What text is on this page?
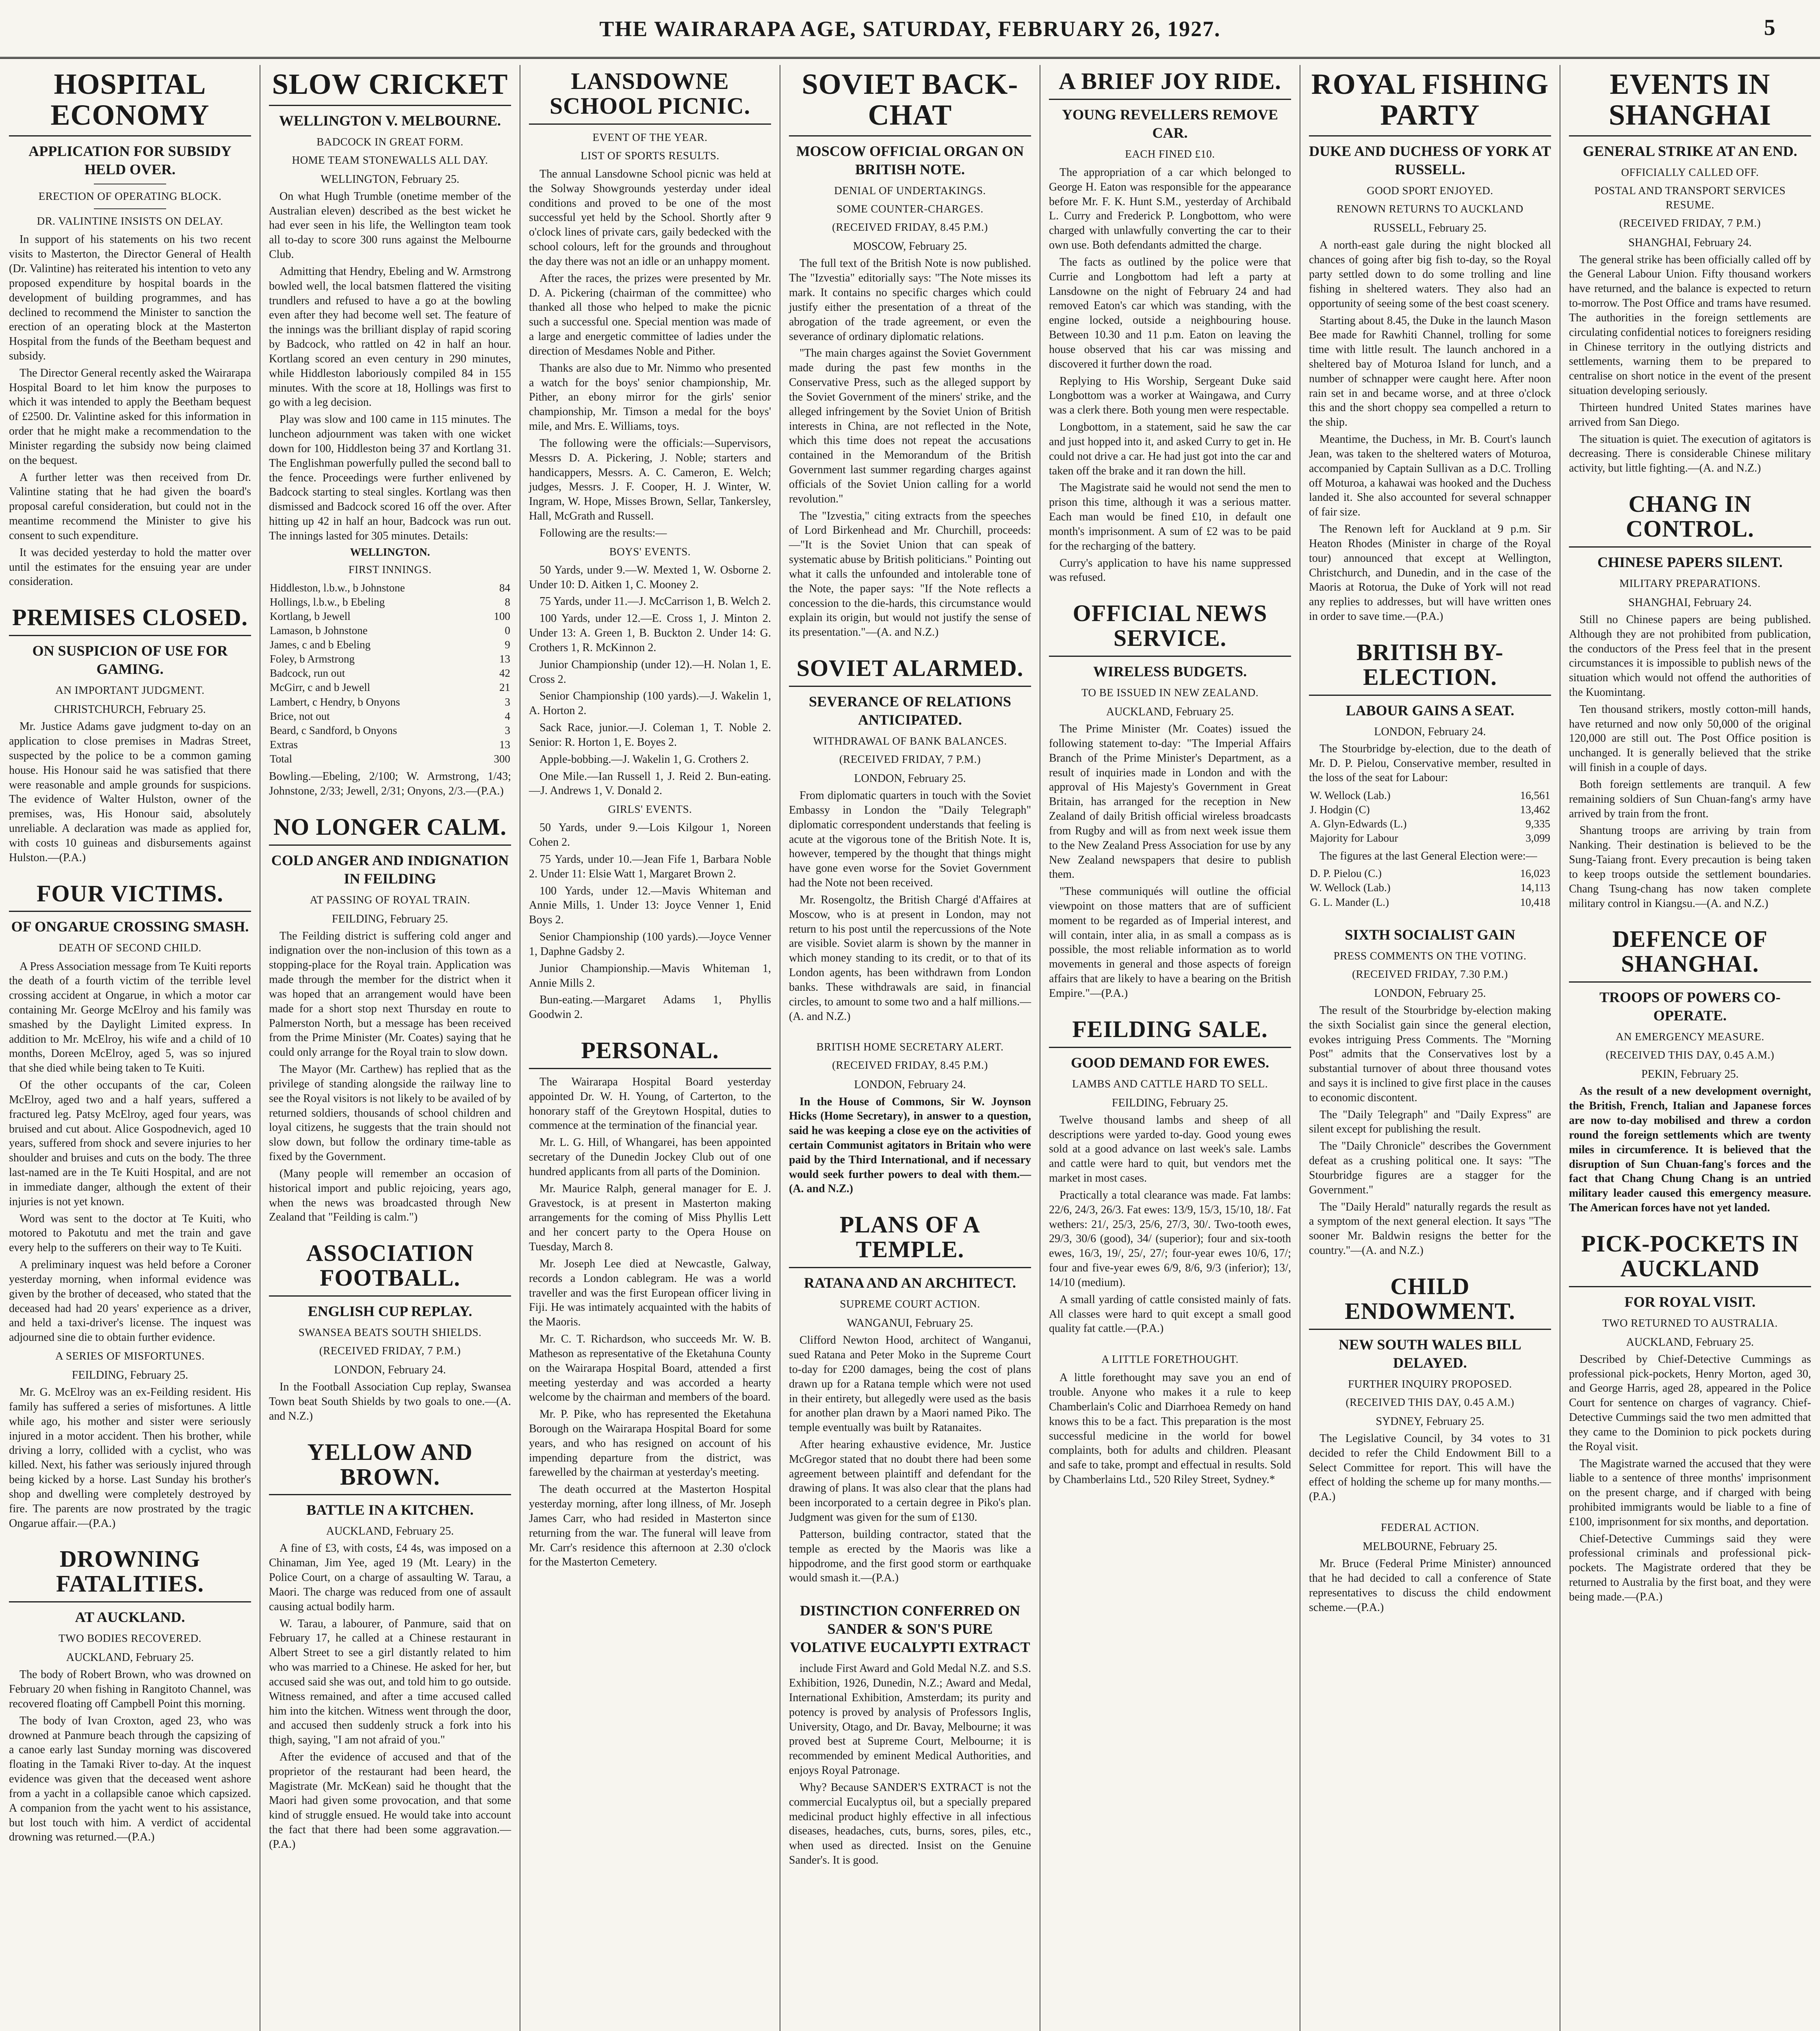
THE WAIRARAPA AGE, SATURDAY, FEBRUARY 26, 1927.	5
HOSPITAL ECONOMY
APPLICATION FOR SUBSIDY HELD OVER.
ERECTION OF OPERATING BLOCK.
DR. VALINTINE INSISTS ON DELAY.

In support of his statements on his two recent visits to Masterton, the Director General of Health (Dr. Valintine) has reiterated his intention to veto any proposed expenditure by hospital boards in the development of building programmes, and has declined to recommend the Minister to sanction the erection of an operating block at the Masterton Hospital from the funds of the Beetham bequest and subsidy.

The Director General recently asked the Wairarapa Hospital Board to let him know the purposes to which it was intended to apply the Beetham bequest of £2500. Dr. Valintine asked for this information in order that he might make a recommendation to the Minister regarding the subsidy now being claimed on the bequest.

A further letter was then received from Dr. Valintine stating that he had given the board's proposal careful consideration, but could not in the meantime recommend the Minister to give his consent to such expenditure.

It was decided yesterday to hold the matter over until the estimates for the ensuing year are under consideration.

PREMISES CLOSED.
ON SUSPICION OF USE FOR GAMING.
AN IMPORTANT JUDGMENT.
CHRISTCHURCH, February 25.

Mr. Justice Adams gave judgment to-day on an application to close premises in Madras Street, suspected by the police to be a common gaming house. His Honour said he was satisfied that there were reasonable and ample grounds for suspicions. The evidence of Walter Hulston, owner of the premises, was, His Honour said, absolutely unreliable. A declaration was made as applied for, with costs 10 guineas and disbursements against Hulston.—(P.A.)

FOUR VICTIMS.
OF ONGARUE CROSSING SMASH.
DEATH OF SECOND CHILD.

A Press Association message from Te Kuiti reports the death of a fourth victim of the terrible level crossing accident at Ongarue, in which a motor car containing Mr. George McElroy and his family was smashed by the Daylight Limited express. In addition to Mr. McElroy, his wife and a child of 10 months, Doreen McElroy, aged 5, was so injured that she died while being taken to Te Kuiti.

Of the other occupants of the car, Coleen McElroy, aged two and a half years, suffered a fractured leg. Patsy McElroy, aged four years, was bruised and cut about. Alice Gospodnevich, aged 10 years, suffered from shock and severe injuries to her shoulder and bruises and cuts on the body. The three last-named are in the Te Kuiti Hospital, and are not in immediate danger, although the extent of their injuries is not yet known.

Word was sent to the doctor at Te Kuiti, who motored to Pakotutu and met the train and gave every help to the sufferers on their way to Te Kuiti.

A preliminary inquest was held before a Coroner yesterday morning, when informal evidence was given by the brother of deceased, who stated that the deceased had had 20 years' experience as a driver, and held a taxi-driver's license. The inquest was adjourned sine die to obtain further evidence.

A SERIES OF MISFORTUNES.
FEILDING, February 25.

Mr. G. McElroy was an ex-Feilding resident. His family has suffered a series of misfortunes. A little while ago, his mother and sister were seriously injured in a motor accident. Then his brother, while driving a lorry, collided with a cyclist, who was killed. Next, his father was seriously injured through being kicked by a horse. Last Sunday his brother's shop and dwelling were completely destroyed by fire. The parents are now prostrated by the tragic Ongarue affair.—(P.A.)

DROWNING FATALITIES.
AT AUCKLAND.
TWO BODIES RECOVERED.
AUCKLAND, February 25.

The body of Robert Brown, who was drowned on February 20 when fishing in Rangitoto Channel, was recovered floating off Campbell Point this morning.

The body of Ivan Croxton, aged 23, who was drowned at Panmure beach through the capsizing of a canoe early last Sunday morning was discovered floating in the Tamaki River to-day. At the inquest evidence was given that the deceased went ashore from a yacht in a collapsible canoe which capsized. A companion from the yacht went to his assistance, but lost touch with him. A verdict of accidental drowning was returned.—(P.A.)

SLOW CRICKET
WELLINGTON V. MELBOURNE.
BADCOCK IN GREAT FORM.
HOME TEAM STONEWALLS ALL DAY.
WELLINGTON, February 25.

On what Hugh Trumble (onetime member of the Australian eleven) described as the best wicket he had ever seen in his life, the Wellington team took all to-day to score 300 runs against the Melbourne Club.

Admitting that Hendry, Ebeling and W. Armstrong bowled well, the local batsmen flattered the visiting trundlers and refused to have a go at the bowling even after they had become well set. The feature of the innings was the brilliant display of rapid scoring by Badcock, who rattled on 42 in half an hour. Kortlang scored an even century in 290 minutes, while Hiddleston laboriously compiled 84 in 155 minutes. With the score at 18, Hollings was first to go with a leg decision.

Play was slow and 100 came in 115 minutes. The luncheon adjournment was taken with one wicket down for 100, Hiddleston being 37 and Kortlang 31. The Englishman powerfully pulled the second ball to the fence. Proceedings were further enlivened by Badcock starting to steal singles. Kortlang was then dismissed and Badcock scored 16 off the over. After hitting up 42 in half an hour, Badcock was run out. The innings lasted for 305 minutes. Details:

WELLINGTON.
FIRST INNINGS.
Hiddleston, l.b.w., b Johnstone	84
Hollings, l.b.w., b Ebeling	8
Kortlang, b Jewell	100
Lamason, b Johnstone	0
James, c and b Ebeling	9
Foley, b Armstrong	13
Badcock, run out	42
McGirr, c and b Jewell	21
Lambert, c Hendry, b Onyons	3
Brice, not out	4
Beard, c Sandford, b Onyons	3
Extras	13
Total	300

Bowling.—Ebeling, 2/100; W. Armstrong, 1/43; Johnstone, 2/33; Jewell, 2/31; Onyons, 2/3.—(P.A.)

NO LONGER CALM.
COLD ANGER AND INDIGNATION IN FEILDING
AT PASSING OF ROYAL TRAIN.
FEILDING, February 25.

The Feilding district is suffering cold anger and indignation over the non-inclusion of this town as a stopping-place for the Royal train. Application was made through the member for the district when it was hoped that an arrangement would have been made for a short stop next Thursday en route to Palmerston North, but a message has been received from the Prime Minister (Mr. Coates) saying that he could only arrange for the Royal train to slow down.

The Mayor (Mr. Carthew) has replied that as the privilege of standing alongside the railway line to see the Royal visitors is not likely to be availed of by returned soldiers, thousands of school children and loyal citizens, he suggests that the train should not slow down, but follow the ordinary time-table as fixed by the Government.

(Many people will remember an occasion of historical import and public rejoicing, years ago, when the news was broadcasted through New Zealand that "Feilding is calm.")

ASSOCIATION FOOTBALL.
ENGLISH CUP REPLAY.
SWANSEA BEATS SOUTH SHIELDS.
(RECEIVED FRIDAY, 7 P.M.)
LONDON, February 24.

In the Football Association Cup replay, Swansea Town beat South Shields by two goals to one.—(A. and N.Z.)

YELLOW AND BROWN.
BATTLE IN A KITCHEN.
AUCKLAND, February 25.

A fine of £3, with costs, £4 4s, was imposed on a Chinaman, Jim Yee, aged 19 (Mt. Leary) in the Police Court, on a charge of assaulting W. Tarau, a Maori. The charge was reduced from one of assault causing actual bodily harm.

W. Tarau, a labourer, of Panmure, said that on February 17, he called at a Chinese restaurant in Albert Street to see a girl distantly related to him who was married to a Chinese. He asked for her, but accused said she was out, and told him to go outside. Witness remained, and after a time accused called him into the kitchen. Witness went through the door, and accused then suddenly struck a fork into his thigh, saying, "I am not afraid of you."

After the evidence of accused and that of the proprietor of the restaurant had been heard, the Magistrate (Mr. McKean) said he thought that the Maori had given some provocation, and that some kind of struggle ensued. He would take into account the fact that there had been some aggravation.—(P.A.)

LANSDOWNE SCHOOL PICNIC.
EVENT OF THE YEAR.
LIST OF SPORTS RESULTS.

The annual Lansdowne School picnic was held at the Solway Showgrounds yesterday under ideal conditions and proved to be one of the most successful yet held by the School. Shortly after 9 o'clock lines of private cars, gaily bedecked with the school colours, left for the grounds and throughout the day there was not an idle or an unhappy moment.

After the races, the prizes were presented by Mr. D. A. Pickering (chairman of the committee) who thanked all those who helped to make the picnic such a successful one. Special mention was made of a large and energetic committee of ladies under the direction of Mesdames Noble and Pither.

Thanks are also due to Mr. Nimmo who presented a watch for the boys' senior championship, Mr. Pither, an ebony mirror for the girls' senior championship, Mr. Timson a medal for the boys' mile, and Mrs. E. Williams, toys.

The following were the officials:—Supervisors, Messrs D. A. Pickering, J. Noble; starters and handicappers, Messrs. A. C. Cameron, E. Welch; judges, Messrs. J. F. Cooper, H. J. Winter, W. Ingram, W. Hope, Misses Brown, Sellar, Tankersley, Hall, McGrath and Russell.

Following are the results:—

BOYS' EVENTS.

50 Yards, under 9.—W. Mexted 1, W. Osborne 2. Under 10: D. Aitken 1, C. Mooney 2.

75 Yards, under 11.—J. McCarrison 1, B. Welch 2.

100 Yards, under 12.—E. Cross 1, J. Minton 2. Under 13: A. Green 1, B. Buckton 2. Under 14: G. Crothers 1, R. McKinnon 2.

Junior Championship (under 12).—H. Nolan 1, E. Cross 2.

Senior Championship (100 yards).—J. Wakelin 1, A. Horton 2.

Sack Race, junior.—J. Coleman 1, T. Noble 2. Senior: R. Horton 1, E. Boyes 2.

Apple-bobbing.—J. Wakelin 1, G. Crothers 2.

One Mile.—Ian Russell 1, J. Reid 2. Bun-eating.—J. Andrews 1, V. Donald 2.

GIRLS' EVENTS.

50 Yards, under 9.—Lois Kilgour 1, Noreen Cohen 2.

75 Yards, under 10.—Jean Fife 1, Barbara Noble 2. Under 11: Elsie Watt 1, Margaret Brown 2.

100 Yards, under 12.—Mavis Whiteman and Annie Mills, 1. Under 13: Joyce Venner 1, Enid Boys 2.

Senior Championship (100 yards).—Joyce Venner 1, Daphne Gadsby 2.

Junior Championship.—Mavis Whiteman 1, Annie Mills 2.

Bun-eating.—Margaret Adams 1, Phyllis Goodwin 2.

PERSONAL.

The Wairarapa Hospital Board yesterday appointed Dr. W. H. Young, of Carterton, to the honorary staff of the Greytown Hospital, duties to commence at the termination of the financial year.

Mr. L. G. Hill, of Whangarei, has been appointed secretary of the Dunedin Jockey Club out of one hundred applicants from all parts of the Dominion.

Mr. Maurice Ralph, general manager for E. J. Gravestock, is at present in Masterton making arrangements for the coming of Miss Phyllis Lett and her concert party to the Opera House on Tuesday, March 8.

Mr. Joseph Lee died at Newcastle, Galway, records a London cablegram. He was a world traveller and was the first European officer living in Fiji. He was intimately acquainted with the habits of the Maoris.

Mr. C. T. Richardson, who succeeds Mr. W. B. Matheson as representative of the Eketahuna County on the Wairarapa Hospital Board, attended a first meeting yesterday and was accorded a hearty welcome by the chairman and members of the board.

Mr. P. Pike, who has represented the Eketahuna Borough on the Wairarapa Hospital Board for some years, and who has resigned on account of his impending departure from the district, was farewelled by the chairman at yesterday's meeting.

The death occurred at the Masterton Hospital yesterday morning, after long illness, of Mr. Joseph James Carr, who had resided in Masterton since returning from the war. The funeral will leave from Mr. Carr's residence this afternoon at 2.30 o'clock for the Masterton Cemetery.

SOVIET BACK-CHAT
MOSCOW OFFICIAL ORGAN ON BRITISH NOTE.
DENIAL OF UNDERTAKINGS.
SOME COUNTER-CHARGES.
(RECEIVED FRIDAY, 8.45 P.M.)
MOSCOW, February 25.

The full text of the British Note is now published. The "Izvestia" editorially says: "The Note misses its mark. It contains no specific charges which could justify either the presentation of a threat of the abrogation of the trade agreement, or even the severance of ordinary diplomatic relations.

"The main charges against the Soviet Government made during the past few months in the Conservative Press, such as the alleged support by the Soviet Government of the miners' strike, and the alleged infringement by the Soviet Union of British interests in China, are not reflected in the Note, which this time does not repeat the accusations contained in the Memorandum of the British Government last summer regarding charges against officials of the Soviet Union calling for a world revolution."

The "Izvestia," citing extracts from the speeches of Lord Birkenhead and Mr. Churchill, proceeds:—"It is the Soviet Union that can speak of systematic abuse by British politicians." Pointing out what it calls the unfounded and intolerable tone of the Note, the paper says: "If the Note reflects a concession to the die-hards, this circumstance would explain its origin, but would not justify the sense of its presentation."—(A. and N.Z.)

SOVIET ALARMED.
SEVERANCE OF RELATIONS ANTICIPATED.
WITHDRAWAL OF BANK BALANCES.
(RECEIVED FRIDAY, 7 P.M.)
LONDON, February 25.

From diplomatic quarters in touch with the Soviet Embassy in London the "Daily Telegraph" diplomatic correspondent understands that feeling is acute at the vigorous tone of the British Note. It is, however, tempered by the thought that things might have gone even worse for the Soviet Government had the Note not been received.

Mr. Rosengoltz, the British Chargé d'Affaires at Moscow, who is at present in London, may not return to his post until the repercussions of the Note are visible. Soviet alarm is shown by the manner in which money standing to its credit, or to that of its London agents, has been withdrawn from London banks. These withdrawals are said, in financial circles, to amount to some two and a half millions.—(A. and N.Z.)

BRITISH HOME SECRETARY ALERT.
(RECEIVED FRIDAY, 8.45 P.M.)
LONDON, February 24.

In the House of Commons, Sir W. Joynson Hicks (Home Secretary), in answer to a question, said he was keeping a close eye on the activities of certain Communist agitators in Britain who were paid by the Third International, and if necessary would seek further powers to deal with them.—(A. and N.Z.)

PLANS OF A TEMPLE.
RATANA AND AN ARCHITECT.
SUPREME COURT ACTION.
WANGANUI, February 25.

Clifford Newton Hood, architect of Wanganui, sued Ratana and Peter Moko in the Supreme Court to-day for £200 damages, being the cost of plans drawn up for a Ratana temple which were not used in their entirety, but allegedly were used as the basis for another plan drawn by a Maori named Piko. The temple eventually was built by Ratanaites.

After hearing exhaustive evidence, Mr. Justice McGregor stated that no doubt there had been some agreement between plaintiff and defendant for the drawing of plans. It was also clear that the plans had been incorporated to a certain degree in Piko's plan. Judgment was given for the sum of £130.

Patterson, building contractor, stated that the temple as erected by the Maoris was like a hippodrome, and the first good storm or earthquake would smash it.—(P.A.)

DISTINCTION CONFERRED ON SANDER & SON'S PURE VOLATIVE EUCALYPTI EXTRACT

include First Award and Gold Medal N.Z. and S.S. Exhibition, 1926, Dunedin, N.Z.; Award and Medal, International Exhibition, Amsterdam; its purity and potency is proved by analysis of Professors Inglis, University, Otago, and Dr. Bavay, Melbourne; it was proved best at Supreme Court, Melbourne; it is recommended by eminent Medical Authorities, and enjoys Royal Patronage.

Why? Because SANDER'S EXTRACT is not the commercial Eucalyptus oil, but a specially prepared medicinal product highly effective in all infectious diseases, headaches, cuts, burns, sores, piles, etc., when used as directed. Insist on the Genuine Sander's. It is good.

A BRIEF JOY RIDE.
YOUNG REVELLERS REMOVE CAR.
EACH FINED £10.

The appropriation of a car which belonged to George H. Eaton was responsible for the appearance before Mr. F. K. Hunt S.M., yesterday of Archibald L. Curry and Frederick P. Longbottom, who were charged with unlawfully converting the car to their own use. Both defendants admitted the charge.

The facts as outlined by the police were that Currie and Longbottom had left a party at Lansdowne on the night of February 24 and had removed Eaton's car which was standing, with the engine locked, outside a neighbouring house. Between 10.30 and 11 p.m. Eaton on leaving the house observed that his car was missing and discovered it further down the road.

Replying to His Worship, Sergeant Duke said Longbottom was a worker at Waingawa, and Curry was a clerk there. Both young men were respectable.

Longbottom, in a statement, said he saw the car and just hopped into it, and asked Curry to get in. He could not drive a car. He had just got into the car and taken off the brake and it ran down the hill.

The Magistrate said he would not send the men to prison this time, although it was a serious matter. Each man would be fined £10, in default one month's imprisonment. A sum of £2 was to be paid for the recharging of the battery.

Curry's application to have his name suppressed was refused.

OFFICIAL NEWS SERVICE.
WIRELESS BUDGETS.
TO BE ISSUED IN NEW ZEALAND.
AUCKLAND, February 25.

The Prime Minister (Mr. Coates) issued the following statement to-day: "The Imperial Affairs Branch of the Prime Minister's Department, as a result of inquiries made in London and with the approval of His Majesty's Government in Great Britain, has arranged for the reception in New Zealand of daily British official wireless broadcasts from Rugby and will as from next week issue them to the New Zealand Press Association for use by any New Zealand newspapers that desire to publish them.

"These communiqués will outline the official viewpoint on those matters that are of sufficient moment to be regarded as of Imperial interest, and will contain, inter alia, in as small a compass as is possible, the most reliable information as to world movements in general and those aspects of foreign affairs that are likely to have a bearing on the British Empire."—(P.A.)

FEILDING SALE.
GOOD DEMAND FOR EWES.
LAMBS AND CATTLE HARD TO SELL.
FEILDING, February 25.

Twelve thousand lambs and sheep of all descriptions were yarded to-day. Good young ewes sold at a good advance on last week's sale. Lambs and cattle were hard to quit, but vendors met the market in most cases.

Practically a total clearance was made. Fat lambs: 22/6, 24/3, 26/3. Fat ewes: 13/9, 15/3, 15/10, 18/. Fat wethers: 21/, 25/3, 25/6, 27/3, 30/. Two-tooth ewes, 29/3, 30/6 (good), 34/ (superior); four and six-tooth ewes, 16/3, 19/, 25/, 27/; four-year ewes 10/6, 17/; four and five-year ewes 6/9, 8/6, 9/3 (inferior); 13/, 14/10 (medium).

A small yarding of cattle consisted mainly of fats. All classes were hard to quit except a small good quality fat cattle.—(P.A.)

A LITTLE FORETHOUGHT.

A little forethought may save you an end of trouble. Anyone who makes it a rule to keep Chamberlain's Colic and Diarrhoea Remedy on hand knows this to be a fact. This preparation is the most successful medicine in the world for bowel complaints, both for adults and children. Pleasant and safe to take, prompt and effectual in results. Sold by Chamberlains Ltd., 520 Riley Street, Sydney.*

ROYAL FISHING PARTY
DUKE AND DUCHESS OF YORK AT RUSSELL.
GOOD SPORT ENJOYED.
RENOWN RETURNS TO AUCKLAND
RUSSELL, February 25.

A north-east gale during the night blocked all chances of going after big fish to-day, so the Royal party settled down to do some trolling and line fishing in sheltered waters. They also had an opportunity of seeing some of the best coast scenery.

Starting about 8.45, the Duke in the launch Mason Bee made for Rawhiti Channel, trolling for some time with little result. The launch anchored in a sheltered bay of Moturoa Island for lunch, and a number of schnapper were caught here. After noon rain set in and became worse, and at three o'clock this and the short choppy sea compelled a return to the ship.

Meantime, the Duchess, in Mr. B. Court's launch Jean, was taken to the sheltered waters of Moturoa, accompanied by Captain Sullivan as a D.C. Trolling off Moturoa, a kahawai was hooked and the Duchess landed it. She also accounted for several schnapper of fair size.

The Renown left for Auckland at 9 p.m. Sir Heaton Rhodes (Minister in charge of the Royal tour) announced that except at Wellington, Christchurch, and Dunedin, and in the case of the Maoris at Rotorua, the Duke of York will not read any replies to addresses, but will have written ones in order to save time.—(P.A.)

BRITISH BY-ELECTION.
LABOUR GAINS A SEAT.
LONDON, February 24.

The Stourbridge by-election, due to the death of Mr. D. P. Pielou, Conservative member, resulted in the loss of the seat for Labour:

W. Wellock (Lab.)	16,561
J. Hodgin (C)	13,462
A. Glyn-Edwards (L.)	9,335
Majority for Labour	3,099

The figures at the last General Election were:—

D. P. Pielou (C.)	16,023
W. Wellock (Lab.)	14,113
G. L. Mander (L.)	10,418
SIXTH SOCIALIST GAIN
PRESS COMMENTS ON THE VOTING.
(RECEIVED FRIDAY, 7.30 P.M.)
LONDON, February 25.

The result of the Stourbridge by-election making the sixth Socialist gain since the general election, evokes intriguing Press Comments. The "Morning Post" admits that the Conservatives lost by a substantial turnover of about three thousand votes and says it is inclined to give first place in the causes to economic discontent.

The "Daily Telegraph" and "Daily Express" are silent except for publishing the result.

The "Daily Chronicle" describes the Government defeat as a crushing political one. It says: "The Stourbridge figures are a stagger for the Government."

The "Daily Herald" naturally regards the result as a symptom of the next general election. It says "The sooner Mr. Baldwin resigns the better for the country."—(A. and N.Z.)

CHILD ENDOWMENT.
NEW SOUTH WALES BILL DELAYED.
FURTHER INQUIRY PROPOSED.
(RECEIVED THIS DAY, 0.45 A.M.)
SYDNEY, February 25.

The Legislative Council, by 34 votes to 31 decided to refer the Child Endowment Bill to a Select Committee for report. This will have the effect of holding the scheme up for many months.—(P.A.)

FEDERAL ACTION.
MELBOURNE, February 25.

Mr. Bruce (Federal Prime Minister) announced that he had decided to call a conference of State representatives to discuss the child endowment scheme.—(P.A.)

EVENTS IN SHANGHAI
GENERAL STRIKE AT AN END.
OFFICIALLY CALLED OFF.
POSTAL AND TRANSPORT SERVICES RESUME.
(RECEIVED FRIDAY, 7 P.M.)
SHANGHAI, February 24.

The general strike has been officially called off by the General Labour Union. Fifty thousand workers have returned, and the balance is expected to return to-morrow. The Post Office and trams have resumed. The authorities in the foreign settlements are circulating confidential notices to foreigners residing in Chinese territory in the outlying districts and settlements, warning them to be prepared to centralise on short notice in the event of the present situation developing seriously.

Thirteen hundred United States marines have arrived from San Diego.

The situation is quiet. The execution of agitators is decreasing. There is considerable Chinese military activity, but little fighting.—(A. and N.Z.)

CHANG IN CONTROL.
CHINESE PAPERS SILENT.
MILITARY PREPARATIONS.
SHANGHAI, February 24.

Still no Chinese papers are being published. Although they are not prohibited from publication, the conductors of the Press feel that in the present circumstances it is impossible to publish news of the situation which would not offend the authorities of the Kuomintang.

Ten thousand strikers, mostly cotton-mill hands, have returned and now only 50,000 of the original 120,000 are still out. The Post Office position is unchanged. It is generally believed that the strike will finish in a couple of days.

Both foreign settlements are tranquil. A few remaining soldiers of Sun Chuan-fang's army have arrived by train from the front.

Shantung troops are arriving by train from Nanking. Their destination is believed to be the Sung-Taiang front. Every precaution is being taken to keep troops outside the settlement boundaries. Chang Tsung-chang has now taken complete military control in Kiangsu.—(A. and N.Z.)

DEFENCE OF SHANGHAI.
TROOPS OF POWERS CO-OPERATE.
AN EMERGENCY MEASURE.
(RECEIVED THIS DAY, 0.45 A.M.)
PEKIN, February 25.

As the result of a new development overnight, the British, French, Italian and Japanese forces are now to-day mobilised and threw a cordon round the foreign settlements which are twenty miles in circumference. It is believed that the disruption of Sun Chuan-fang's forces and the fact that Chang Chung Chang is an untried military leader caused this emergency measure. The American forces have not yet landed.

PICK-POCKETS IN AUCKLAND
FOR ROYAL VISIT.
TWO RETURNED TO AUSTRALIA.
AUCKLAND, February 25.

Described by Chief-Detective Cummings as professional pick-pockets, Henry Morton, aged 30, and George Harris, aged 28, appeared in the Police Court for sentence on charges of vagrancy. Chief-Detective Cummings said the two men admitted that they came to the Dominion to pick pockets during the Royal visit.

The Magistrate warned the accused that they were liable to a sentence of three months' imprisonment on the present charge, and if charged with being prohibited immigrants would be liable to a fine of £100, imprisonment for six months, and deportation.

Chief-Detective Cummings said they were professional criminals and professional pick-pockets. The Magistrate ordered that they be returned to Australia by the first boat, and they were being made.—(P.A.)
